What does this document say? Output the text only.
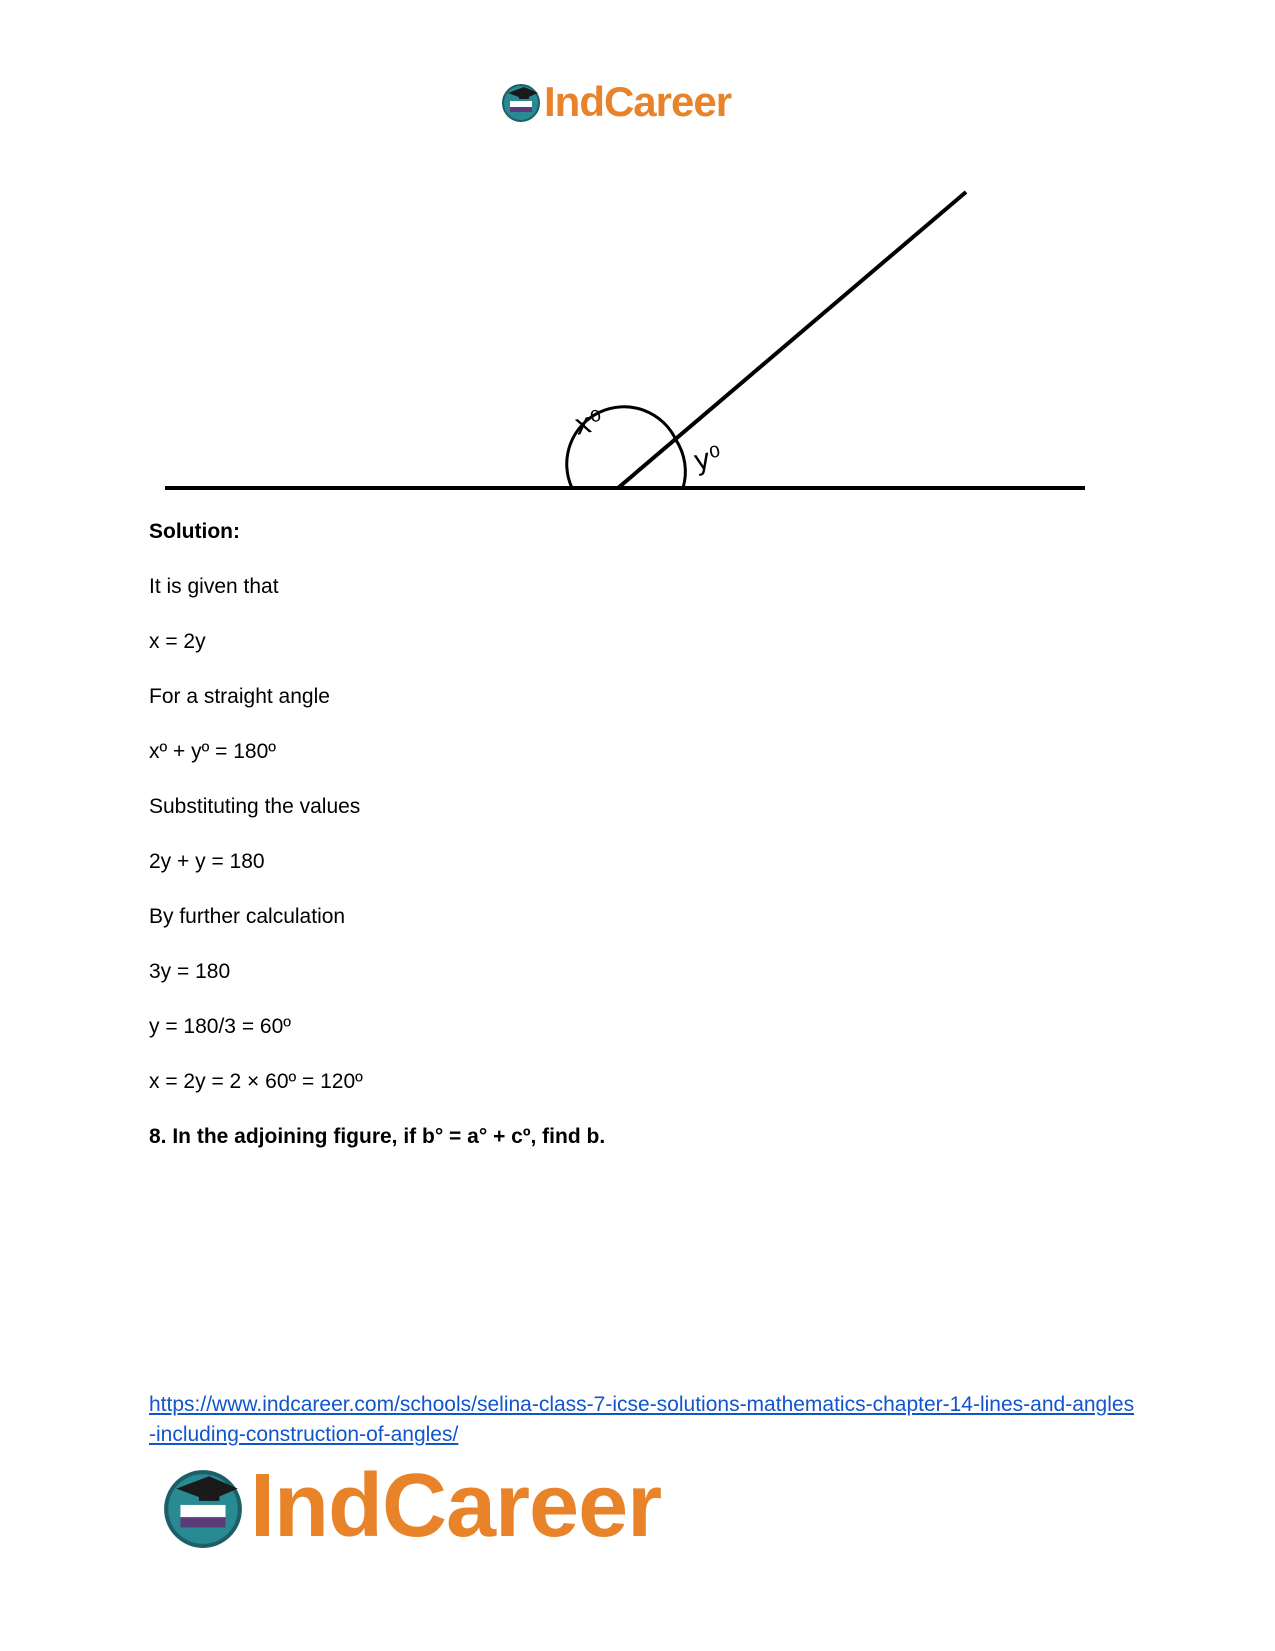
IndCareer
x⁰
y⁰
Solution:
It is given that
x = 2y
For a straight angle
xº + yº = 180º
Substituting the values
2y + y = 180
By further calculation
3y = 180
y = 180/3 = 60º
x = 2y = 2 × 60º = 120º
8. In the adjoining figure, if b° = a° + cº, find b.
https://www.indcareer.com/schools/selina-class-7-icse-solutions-mathematics-chapter-14-lines-and-angles-including-construction-of-angles/
IndCareer
